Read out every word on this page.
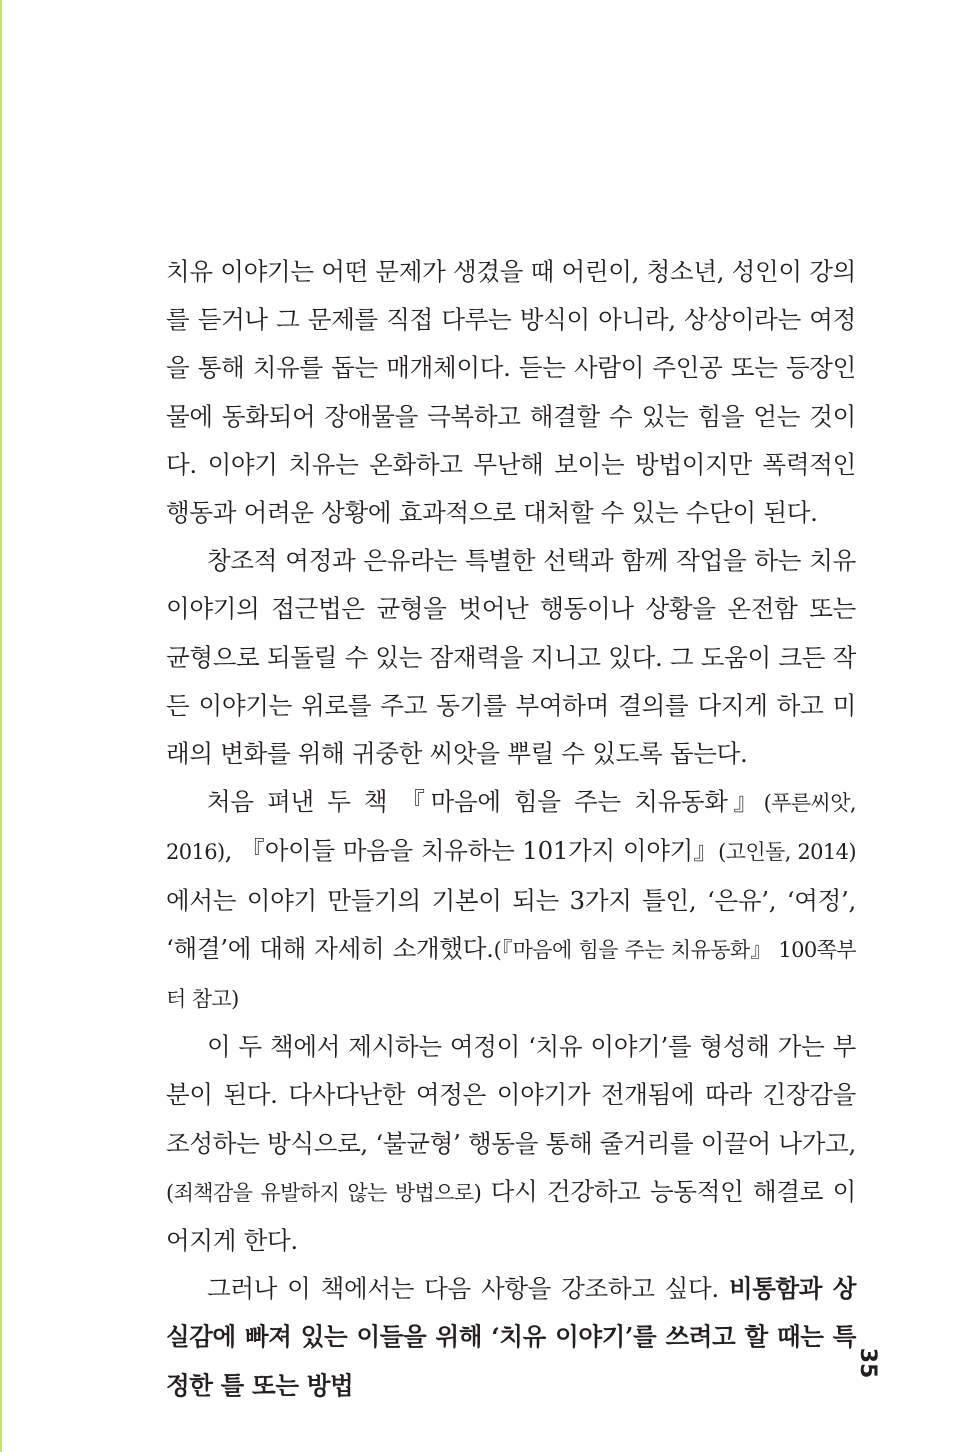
치유 이야기는 어떤 문제가 생겼을 때 어린이, 청소년, 성인이 강의를 듣거나 그 문제를 직접 다루는 방식이 아니라, 상상이라는 여정을 통해 치유를 돕는 매개체이다. 듣는 사람이 주인공 또는 등장인물에 동화되어 장애물을 극복하고 해결할 수 있는 힘을 얻는 것이다. 이야기 치유는 온화하고 무난해 보이는 방법이지만 폭력적인 행동과 어려운 상황에 효과적으로 대처할 수 있는 수단이 된다.

창조적 여정과 은유라는 특별한 선택과 함께 작업을 하는 치유 이야기의 접근법은 균형을 벗어난 행동이나 상황을 온전함 또는 균형으로 되돌릴 수 있는 잠재력을 지니고 있다. 그 도움이 크든 작든 이야기는 위로를 주고 동기를 부여하며 결의를 다지게 하고 미래의 변화를 위해 귀중한 씨앗을 뿌릴 수 있도록 돕는다.

처음 펴낸 두 책 『마음에 힘을 주는 치유동화』(푸른씨앗, 2016), 『아이들 마음을 치유하는 101가지 이야기』(고인돌, 2014)에서는 이야기 만들기의 기본이 되는 3가지 틀인, ‘은유’, ‘여정’, ‘해결’에 대해 자세히 소개했다.(『마음에 힘을 주는 치유동화』 100쪽부터 참고)

이 두 책에서 제시하는 여정이 ‘치유 이야기’를 형성해 가는 부분이 된다. 다사다난한 여정은 이야기가 전개됨에 따라 긴장감을 조성하는 방식으로, ‘불균형’ 행동을 통해 줄거리를 이끌어 나가고, (죄책감을 유발하지 않는 방법으로) 다시 건강하고 능동적인 해결로 이어지게 한다.

그러나 이 책에서는 다음 사항을 강조하고 싶다. 비통함과 상실감에 빠져 있는 이들을 위해 ‘치유 이야기’를 쓰려고 할 때는 특정한 틀 또는 방법

35
